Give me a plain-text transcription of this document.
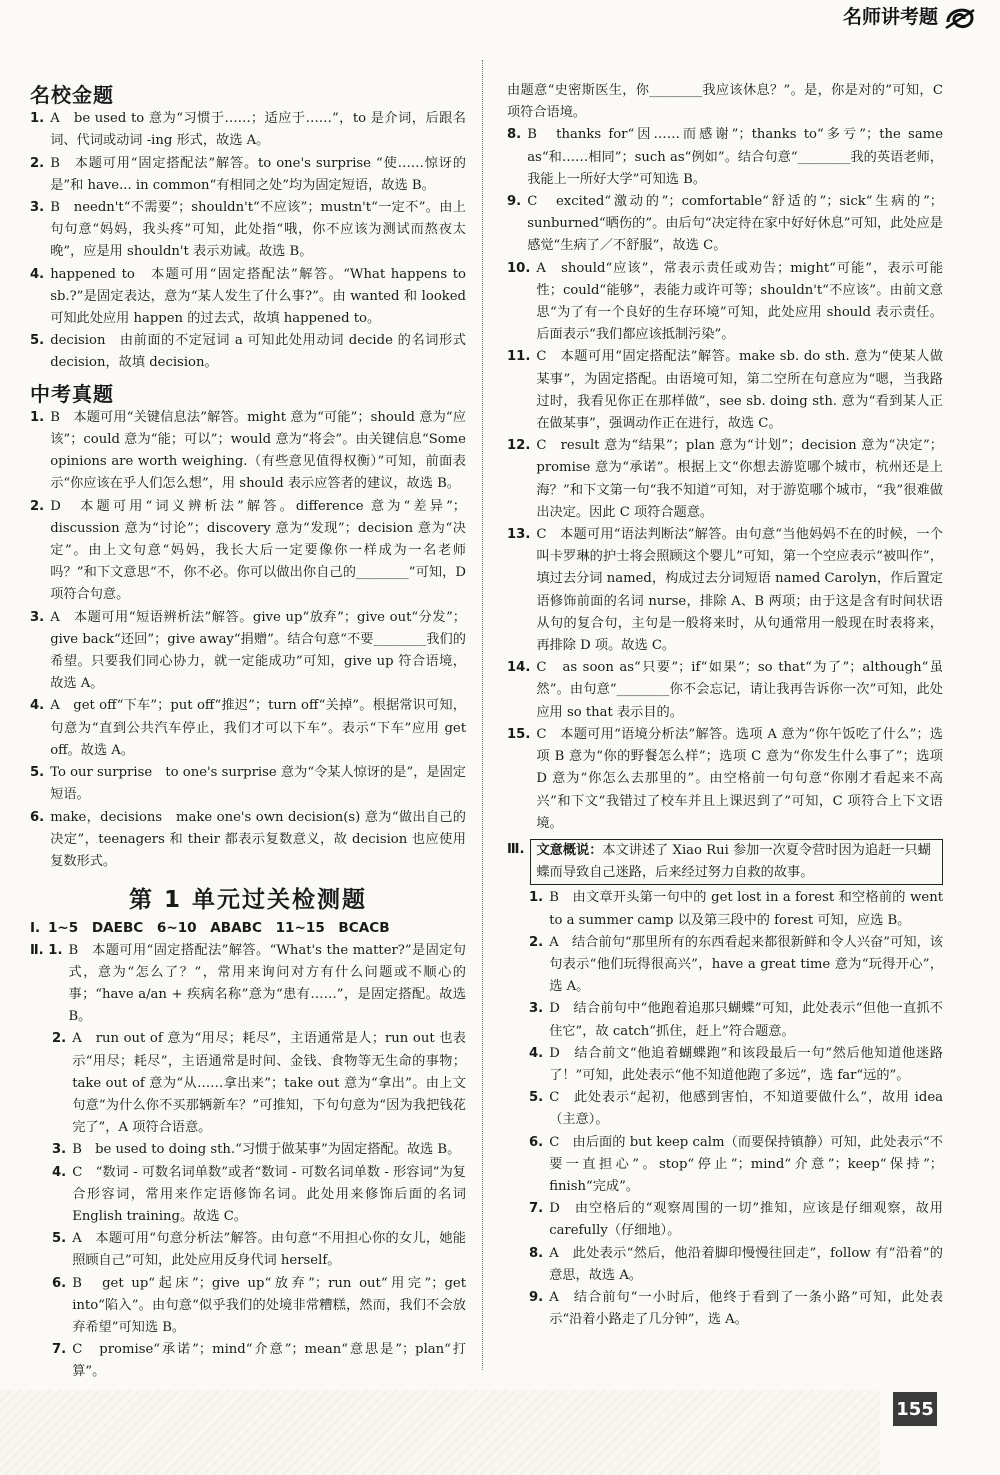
名师讲考题
名校金题
1. A　be used to 意为“习惯于……；适应于……”，to 是介词，后跟名词、代词或动词 -ing 形式，故选 A。
2. B　本题可用“固定搭配法”解答。to one's surprise “使……惊讶的是”和 have... in common“有相同之处”均为固定短语，故选 B。
3. B　needn't“不需要”；shouldn't“不应该”；mustn't“一定不”。由上句句意“妈妈，我头疼”可知，此处指“哦，你不应该为测试而熬夜太晚”，应是用 shouldn't 表示劝诫。故选 B。
4. happened to　本题可用“固定搭配法”解答。“What happens to sb.?”是固定表达，意为“某人发生了什么事?”。由 wanted 和 looked 可知此处应用 happen 的过去式，故填 happened to。
5. decision　由前面的不定冠词 a 可知此处用动词 decide 的名词形式 decision，故填 decision。
中考真题
1. B　本题可用“关键信息法”解答。might 意为“可能”；should 意为“应该”；could 意为“能；可以”；would 意为“将会”。由关键信息“Some opinions are worth weighing.（有些意见值得权衡）”可知，前面表示“你应该在乎人们怎么想”，用 should 表示应答者的建议，故选 B。
2. D　本题可用“词义辨析法”解答。difference 意为“差异”；discussion 意为“讨论”；discovery 意为“发现”；decision 意为“决定”。由上文句意“妈妈，我长大后一定要像你一样成为一名老师吗？”和下文意思“不，你不必。你可以做出你自己的________”可知，D 项符合句意。
3. A　本题可用“短语辨析法”解答。give up“放弃”；give out“分发”；give back“还回”；give away“捐赠”。结合句意“不要________我们的希望。只要我们同心协力，就一定能成功”可知，give up 符合语境，故选 A。
4. A　get off“下车”；put off“推迟”；turn off“关掉”。根据常识可知，句意为“直到公共汽车停止，我们才可以下车”。表示“下车”应用 get off。故选 A。
5. To our surprise　to one's surprise 意为“令某人惊讶的是”，是固定短语。
6. make，decisions　make one's own decision(s) 意为“做出自己的决定”，teenagers 和 their 都表示复数意义，故 decision 也应使用复数形式。
第 1 单元过关检测题

Ⅰ. 1~5　DAEBC　6~10　ABABC　11~15　BCACB

Ⅱ. 1. B　本题可用“固定搭配法”解答。“What's the matter?”是固定句式，意为“怎么了？”，常用来询问对方有什么问题或不顺心的事；“have a/an + 疾病名称”意为“患有……”，是固定搭配。故选 B。
2. A　run out of 意为“用尽；耗尽”，主语通常是人；run out 也表示“用尽；耗尽”，主语通常是时间、金钱、食物等无生命的事物；take out of 意为“从……拿出来”；take out 意为“拿出”。由上文句意“为什么你不买那辆新车？”可推知，下句句意为“因为我把钱花完了”，A 项符合语意。
3. B　be used to doing sth.“习惯于做某事”为固定搭配。故选 B。
4. C　“数词 - 可数名词单数”或者“数词 - 可数名词单数 - 形容词”为复合形容词，常用来作定语修饰名词。此处用来修饰后面的名词 English training。故选 C。
5. A　本题可用“句意分析法”解答。由句意“不用担心你的女儿，她能照顾自己”可知，此处应用反身代词 herself。
6. B　get up“起床”；give up“放弃”；run out“用完”；get into“陷入”。由句意“似乎我们的处境非常糟糕，然而，我们不会放弃希望”可知选 B。
7. C　promise“承诺”；mind“介意”；mean“意思是”；plan“打算”。

由题意“史密斯医生，你________我应该休息？”。是，你是对的”可知，C 项符合语境。

8. B　thanks for“因……而感谢”；thanks to“多亏”；the same as“和……相同”；such as“例如”。结合句意“________我的英语老师，我能上一所好大学”可知选 B。
9. C　excited“激动的”；comfortable“舒适的”；sick“生病的”；sunburned“晒伤的”。由后句“决定待在家中好好休息”可知，此处应是感觉“生病了／不舒服”，故选 C。
10. A　should“应该”，常表示责任或劝告；might“可能”，表示可能性；could“能够”，表能力或许可等；shouldn't“不应该”。由前文意思“为了有一个良好的生存环境”可知，此处应用 should 表示责任。后面表示“我们都应该抵制污染”。
11. C　本题可用“固定搭配法”解答。make sb. do sth. 意为“使某人做某事”，为固定搭配。由语境可知，第二空所在句意应为“嗯，当我路过时，我看见你正在那样做”，see sb. doing sth. 意为“看到某人正在做某事”，强调动作正在进行，故选 C。
12. C　result 意为“结果”；plan 意为“计划”；decision 意为“决定”；promise 意为“承诺”。根据上文“你想去游览哪个城市，杭州还是上海？”和下文第一句“我不知道”可知，对于游览哪个城市，“我”很难做出决定。因此 C 项符合题意。
13. C　本题可用“语法判断法”解答。由句意“当他妈妈不在的时候，一个叫卡罗琳的护士将会照顾这个婴儿”可知，第一个空应表示“被叫作”，填过去分词 named，构成过去分词短语 named Carolyn，作后置定语修饰前面的名词 nurse，排除 A、B 两项；由于这是含有时间状语从句的复合句，主句是一般将来时，从句通常用一般现在时表将来，再排除 D 项。故选 C。
14. C　as soon as“只要”；if“如果”；so that“为了”；although“虽然”。由句意“________你不会忘记，请让我再告诉你一次”可知，此处应用 so that 表示目的。
15. C　本题可用“语境分析法”解答。选项 A 意为“你午饭吃了什么”；选项 B 意为“你的野餐怎么样”；选项 C 意为“你发生什么事了”；选项 D 意为“你怎么去那里的”。由空格前一句句意“你刚才看起来不高兴”和下文“我错过了校车并且上课迟到了”可知，C 项符合上下文语境。
Ⅲ. 文意概说：本文讲述了 Xiao Rui 参加一次夏令营时因为追赶一只蝴蝶而导致自己迷路，后来经过努力自救的故事。
1. B　由文章开头第一句中的 get lost in a forest 和空格前的 went to a summer camp 以及第三段中的 forest 可知，应选 B。
2. A　结合前句“那里所有的东西看起来都很新鲜和令人兴奋”可知，该句表示“他们玩得很高兴”，have a great time 意为“玩得开心”，选 A。
3. D　结合前句中“他跑着追那只蝴蝶”可知，此处表示“但他一直抓不住它”，故 catch“抓住，赶上”符合题意。
4. D　结合前文“他追着蝴蝶跑”和该段最后一句“然后他知道他迷路了！”可知，此处表示“他不知道他跑了多远”，选 far“远的”。
5. C　此处表示“起初，他感到害怕，不知道要做什么”，故用 idea（主意）。
6. C　由后面的 but keep calm（而要保持镇静）可知，此处表示“不要一直担心”。stop“停止”；mind“介意”；keep“保持”；finish“完成”。
7. D　由空格后的“观察周围的一切”推知，应该是仔细观察，故用 carefully（仔细地）。
8. A　此处表示“然后，他沿着脚印慢慢往回走”，follow 有“沿着”的意思，故选 A。
9. A　结合前句“一小时后，他终于看到了一条小路”可知，此处表示“沿着小路走了几分钟”，选 A。
155
